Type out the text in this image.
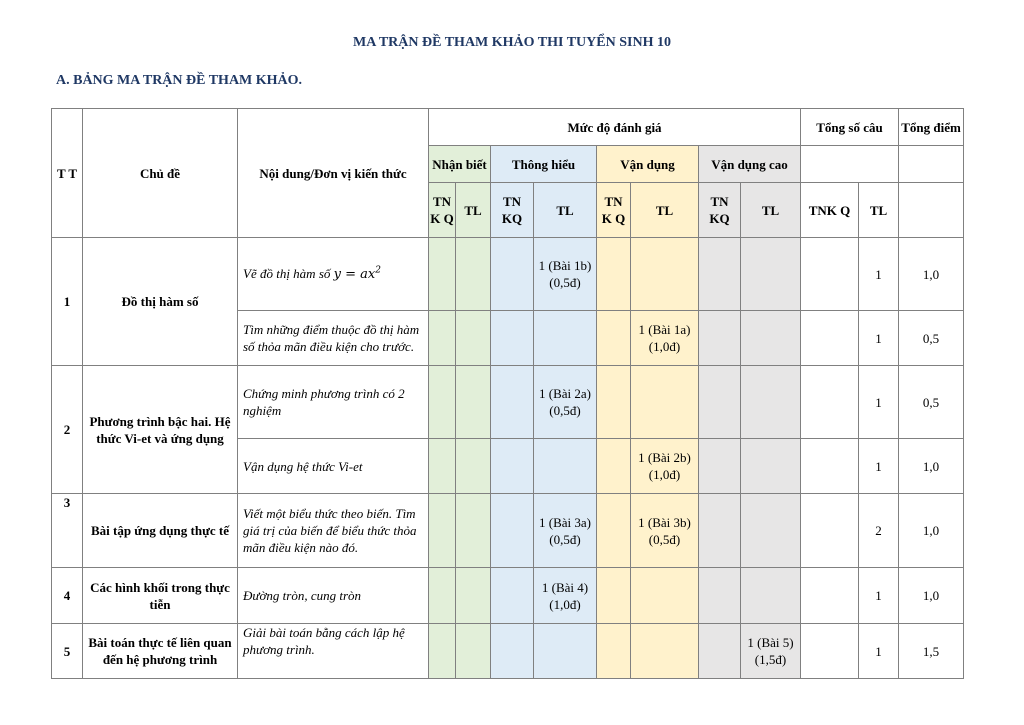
MA TRẬN ĐỀ THAM KHẢO THI TUYỂN SINH 10
A. BẢNG MA TRẬN ĐỀ THAM KHẢO.
T T	Chủ đề	Nội dung/Đơn vị kiến thức	Mức độ đánh giá								Tổng số câu		Tổng điểm
			Nhận biết		Thông hiểu		Vận dụng		Vận dụng cao				
			TN K Q	TL	TN KQ	TL	TN K Q	TL	TN KQ	TL	TNK Q	TL	
1	Đồ thị hàm số	Vẽ đồ thị hàm số $y = ax^2$				1 (Bài 1b) (0,5đ)						1	1,0
		Tìm những điểm thuộc đồ thị hàm số thỏa mãn điều kiện cho trước.						1 (Bài 1a) (1,0đ)				1	0,5
2	Phương trình bậc hai. Hệ thức Vi-et và ứng dụng	Chứng minh phương trình có 2 nghiệm				1 (Bài 2a) (0,5đ)						1	0,5
		Vận dụng hệ thức Vi-et						1 (Bài 2b) (1,0đ)				1	1,0
3	Bài tập ứng dụng thực tế	Viết một biểu thức theo biến. Tìm giá trị của biến để biểu thức thỏa mãn điều kiện nào đó.				1 (Bài 3a) (0,5đ)		1 (Bài 3b) (0,5đ)				2	1,0
4	Các hình khối trong thực tiễn	Đường tròn, cung tròn				1 (Bài 4) (1,0đ)						1	1,0
5	Bài toán thực tế liên quan đến hệ phương trình	Giải bài toán bằng cách lập hệ phương trình.								1 (Bài 5) (1,5đ)		1	1,5
